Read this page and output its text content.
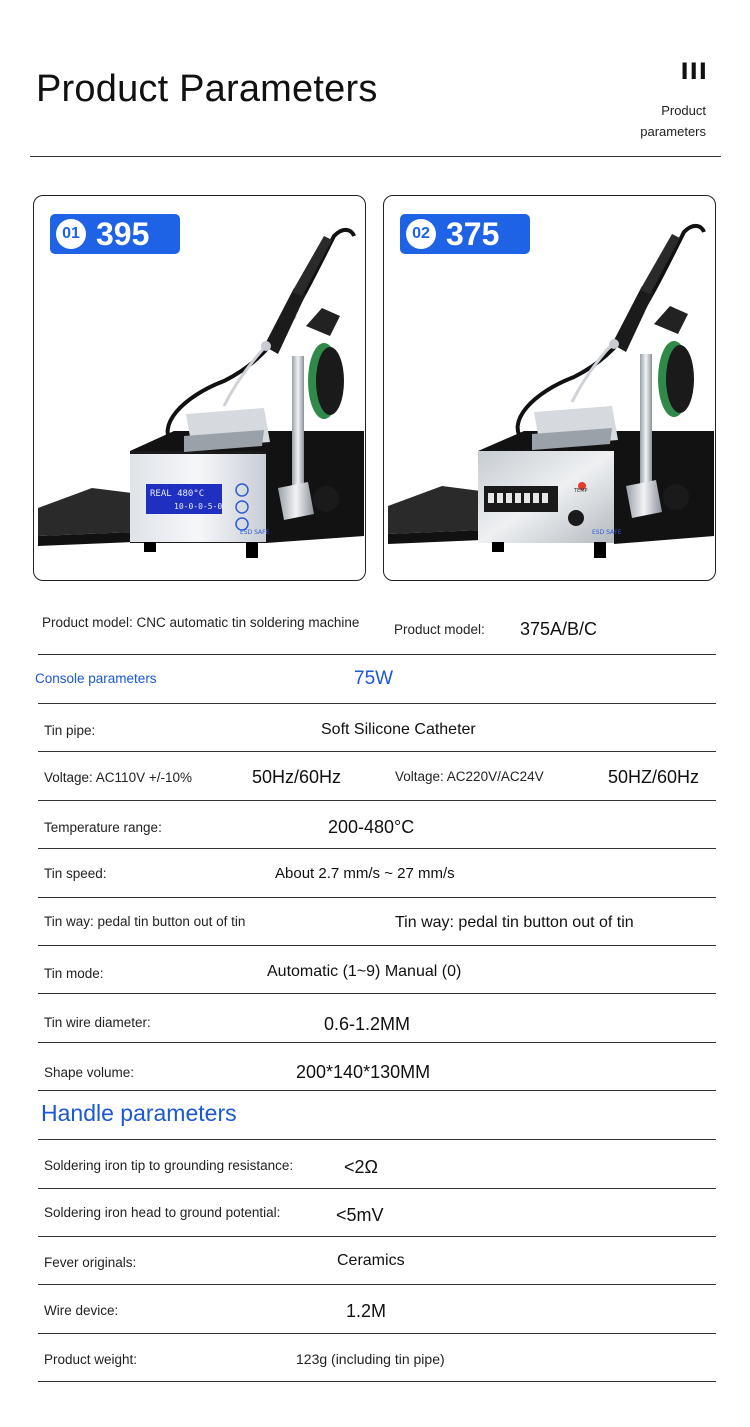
Product Parameters	III
Product
parameters
REAL 480°C
10-0-0-5-0
ESD SAFE
01 395
TEMP
ESD SAFE
02 375
Product model: CNC automatic tin soldering machine	Product model: 375A/B/C
Console parameters	75W
Tin pipe:	Soft Silicone Catheter
Voltage: AC110V +/-10%	50Hz/60Hz	Voltage: AC220V/AC24V	50HZ/60Hz
Temperature range:	200-480°C
Tin speed:	About 2.7 mm/s ~ 27 mm/s
Tin way: pedal tin button out of tin	Tin way: pedal tin button out of tin
Tin mode:	Automatic (1~9) Manual (0)
Tin wire diameter:	0.6-1.2MM
Shape volume:	200*140*130MM
Handle parameters
Soldering iron tip to grounding resistance:	<2Ω
Soldering iron head to ground potential:	<5mV
Fever originals:	Ceramics
Wire device:	1.2M
Product weight:	123g (including tin pipe)
